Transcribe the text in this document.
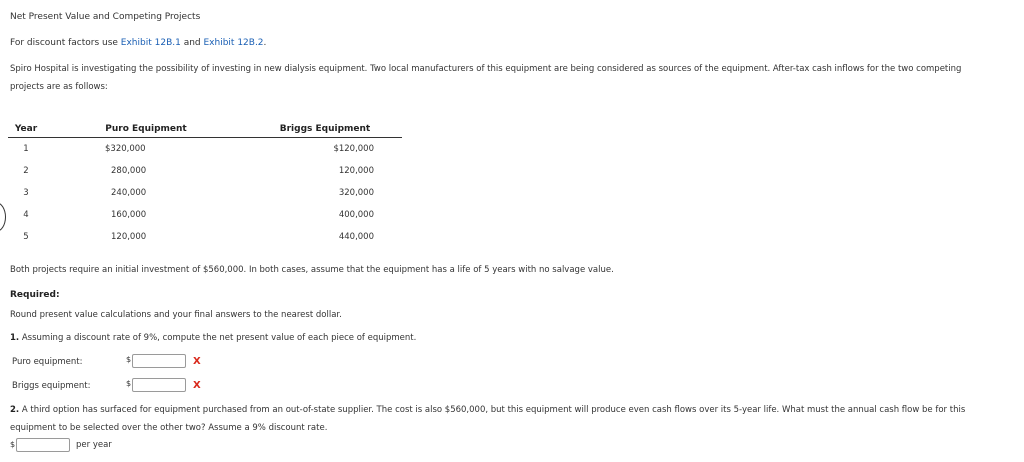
Net Present Value and Competing Projects
For discount factors use Exhibit 12B.1 and Exhibit 12B.2.
Spiro Hospital is investigating the possibility of investing in new dialysis equipment. Two local manufacturers of this equipment are being considered as sources of the equipment. After-tax cash inflows for the two competing
projects are as follows:
Year	Puro Equipment	Briggs Equipment
1	$320,000	$120,000
2	280,000	120,000
3	240,000	320,000
4	160,000	400,000
5	120,000	440,000
Both projects require an initial investment of $560,000. In both cases, assume that the equipment has a life of 5 years with no salvage value.
Required:
Round present value calculations and your final answers to the nearest dollar.
1. Assuming a discount rate of 9%, compute the net present value of each piece of equipment.
Puro equipment:	$	X
Briggs equipment:	$	X
2. A third option has surfaced for equipment purchased from an out-of-state supplier. The cost is also $560,000, but this equipment will produce even cash flows over its 5-year life. What must the annual cash flow be for this
equipment to be selected over the other two? Assume a 9% discount rate.
$	per year
